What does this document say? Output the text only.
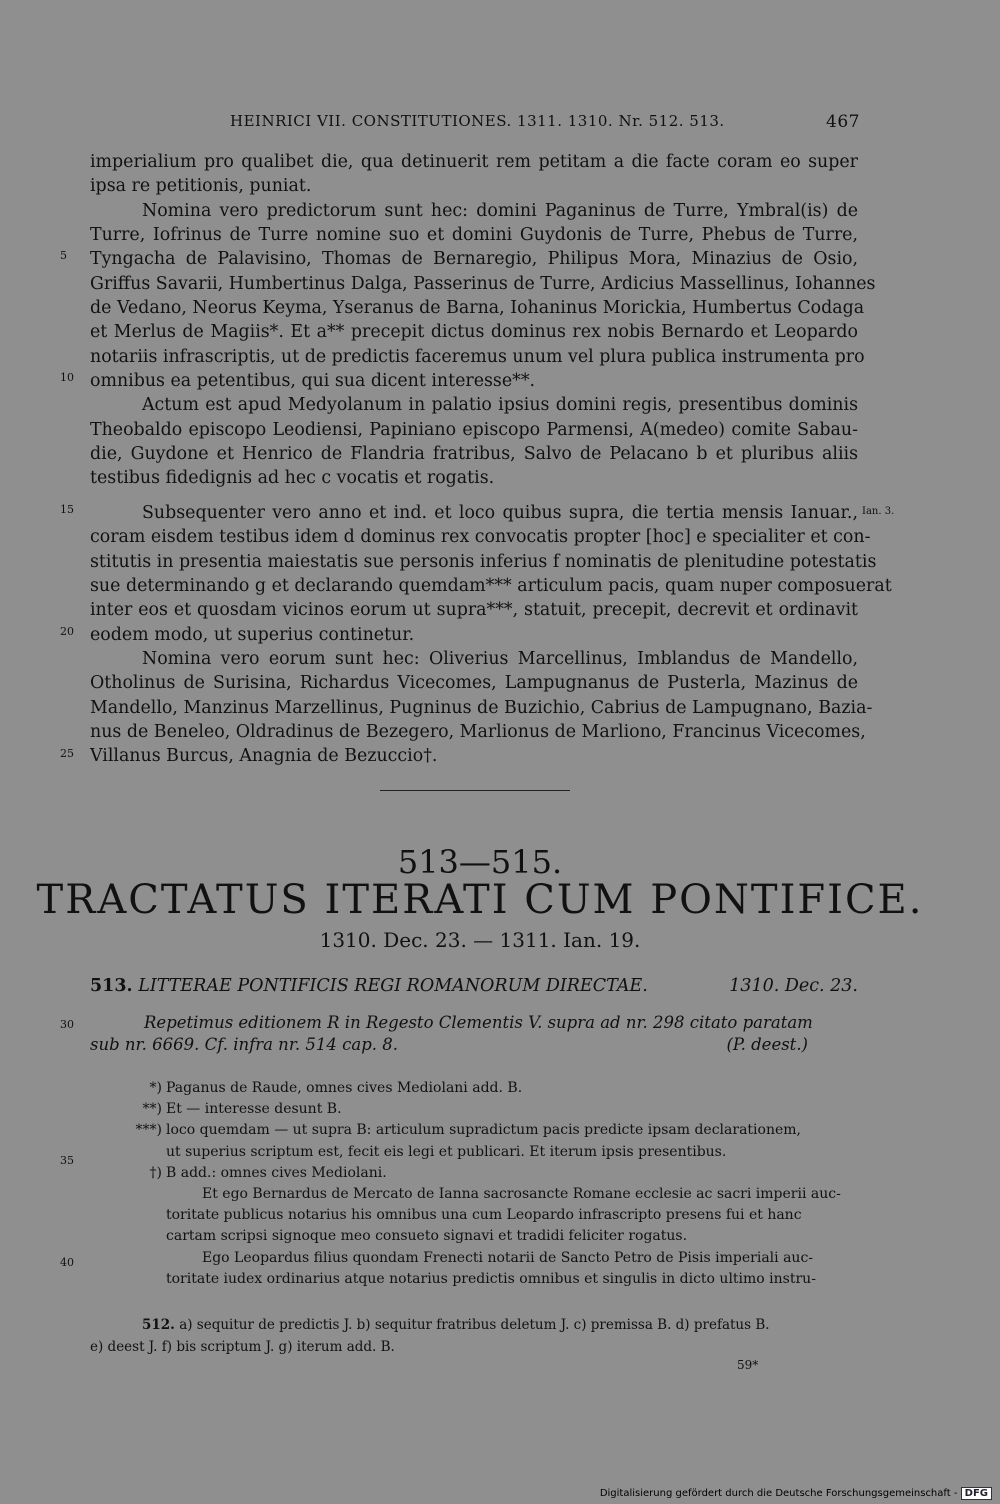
HEINRICI VII. CONSTITUTIONES. 1311. 1310. Nr. 512. 513.	467
imperialium pro qualibet die, qua detinuerit rem petitam a die facte coram eo super
ipsa re petitionis, puniat.
Nomina vero predictorum sunt hec: domini Paganinus de Turre, Ymbral(is) de
Turre, Iofrinus de Turre nomine suo et domini Guydonis de Turre, Phebus de Turre,
Tyngacha de Palavisino, Thomas de Bernaregio, Philipus Mora, Minazius de Osio,
Griffus Savarii, Humbertinus Dalga, Passerinus de Turre, Ardicius Massellinus, Iohannes
de Vedano, Neorus Keyma, Yseranus de Barna, Iohaninus Morickia, Humbertus Codaga
et Merlus de Magiis*. Et a** precepit dictus dominus rex nobis Bernardo et Leopardo
notariis infrascriptis, ut de predictis faceremus unum vel plura publica instrumenta pro
omnibus ea petentibus, qui sua dicent interesse**.
Actum est apud Medyolanum in palatio ipsius domini regis, presentibus dominis
Theobaldo episcopo Leodiensi, Papiniano episcopo Parmensi, A(medeo) comite Sabau-
die, Guydone et Henrico de Flandria fratribus, Salvo de Pelacano b et pluribus aliis
testibus fidedignis ad hec c vocatis et rogatis.
Subsequenter vero anno et ind. et loco quibus supra, die tertia mensis Ianuar.,
coram eisdem testibus idem d dominus rex convocatis propter [hoc] e specialiter et con-
stitutis in presentia maiestatis sue personis inferius f nominatis de plenitudine potestatis
sue determinando g et declarando quemdam*** articulum pacis, quam nuper composuerat
inter eos et quosdam vicinos eorum ut supra***, statuit, precepit, decrevit et ordinavit
eodem modo, ut superius continetur.
Nomina vero eorum sunt hec: Oliverius Marcellinus, Imblandus de Mandello,
Otholinus de Surisina, Richardus Vicecomes, Lampugnanus de Pusterla, Mazinus de
Mandello, Manzinus Marzellinus, Pugninus de Buzichio, Cabrius de Lampugnano, Bazia-
nus de Beneleo, Oldradinus de Bezegero, Marlionus de Marliono, Francinus Vicecomes,
Villanus Burcus, Anagnia de Bezuccio†.
5
10
15
20
25
Ian. 3.
513—515.
TRACTATUS ITERATI CUM PONTIFICE.
1310. Dec. 23. — 1311. Ian. 19.
513. LITTERAE PONTIFICIS REGI ROMANORUM DIRECTAE.	1310. Dec. 23.
30	Repetimus editionem R in Regesto Clementis V. supra ad nr. 298 citato paratam
sub nr. 6669. Cf. infra nr. 514 cap. 8.	(P. deest.)
*) Paganus de Raude, omnes cives Mediolani add. B.
**) Et — interesse desunt B.
***) loco quemdam — ut supra B: articulum supradictum pacis predicte ipsam declarationem,
ut superius scriptum est, fecit eis legi et publicari. Et iterum ipsis presentibus.
†) B add.: omnes cives Mediolani.
Et ego Bernardus de Mercato de Ianna sacrosancte Romane ecclesie ac sacri imperii auc-
toritate publicus notarius his omnibus una cum Leopardo infrascripto presens fui et hanc
cartam scripsi signoque meo consueto signavi et tradidi feliciter rogatus.
Ego Leopardus filius quondam Frenecti notarii de Sancto Petro de Pisis imperiali auc-
toritate iudex ordinarius atque notarius predictis omnibus et singulis in dicto ultimo instru-
35
40
512. a) sequitur de predictis J. b) sequitur fratribus deletum J. c) premissa B. d) prefatus B.
e) deest J. f) bis scriptum J. g) iterum add. B.
59*
Digitalisierung gefördert durch die Deutsche Forschungsgemeinschaft - DFG
